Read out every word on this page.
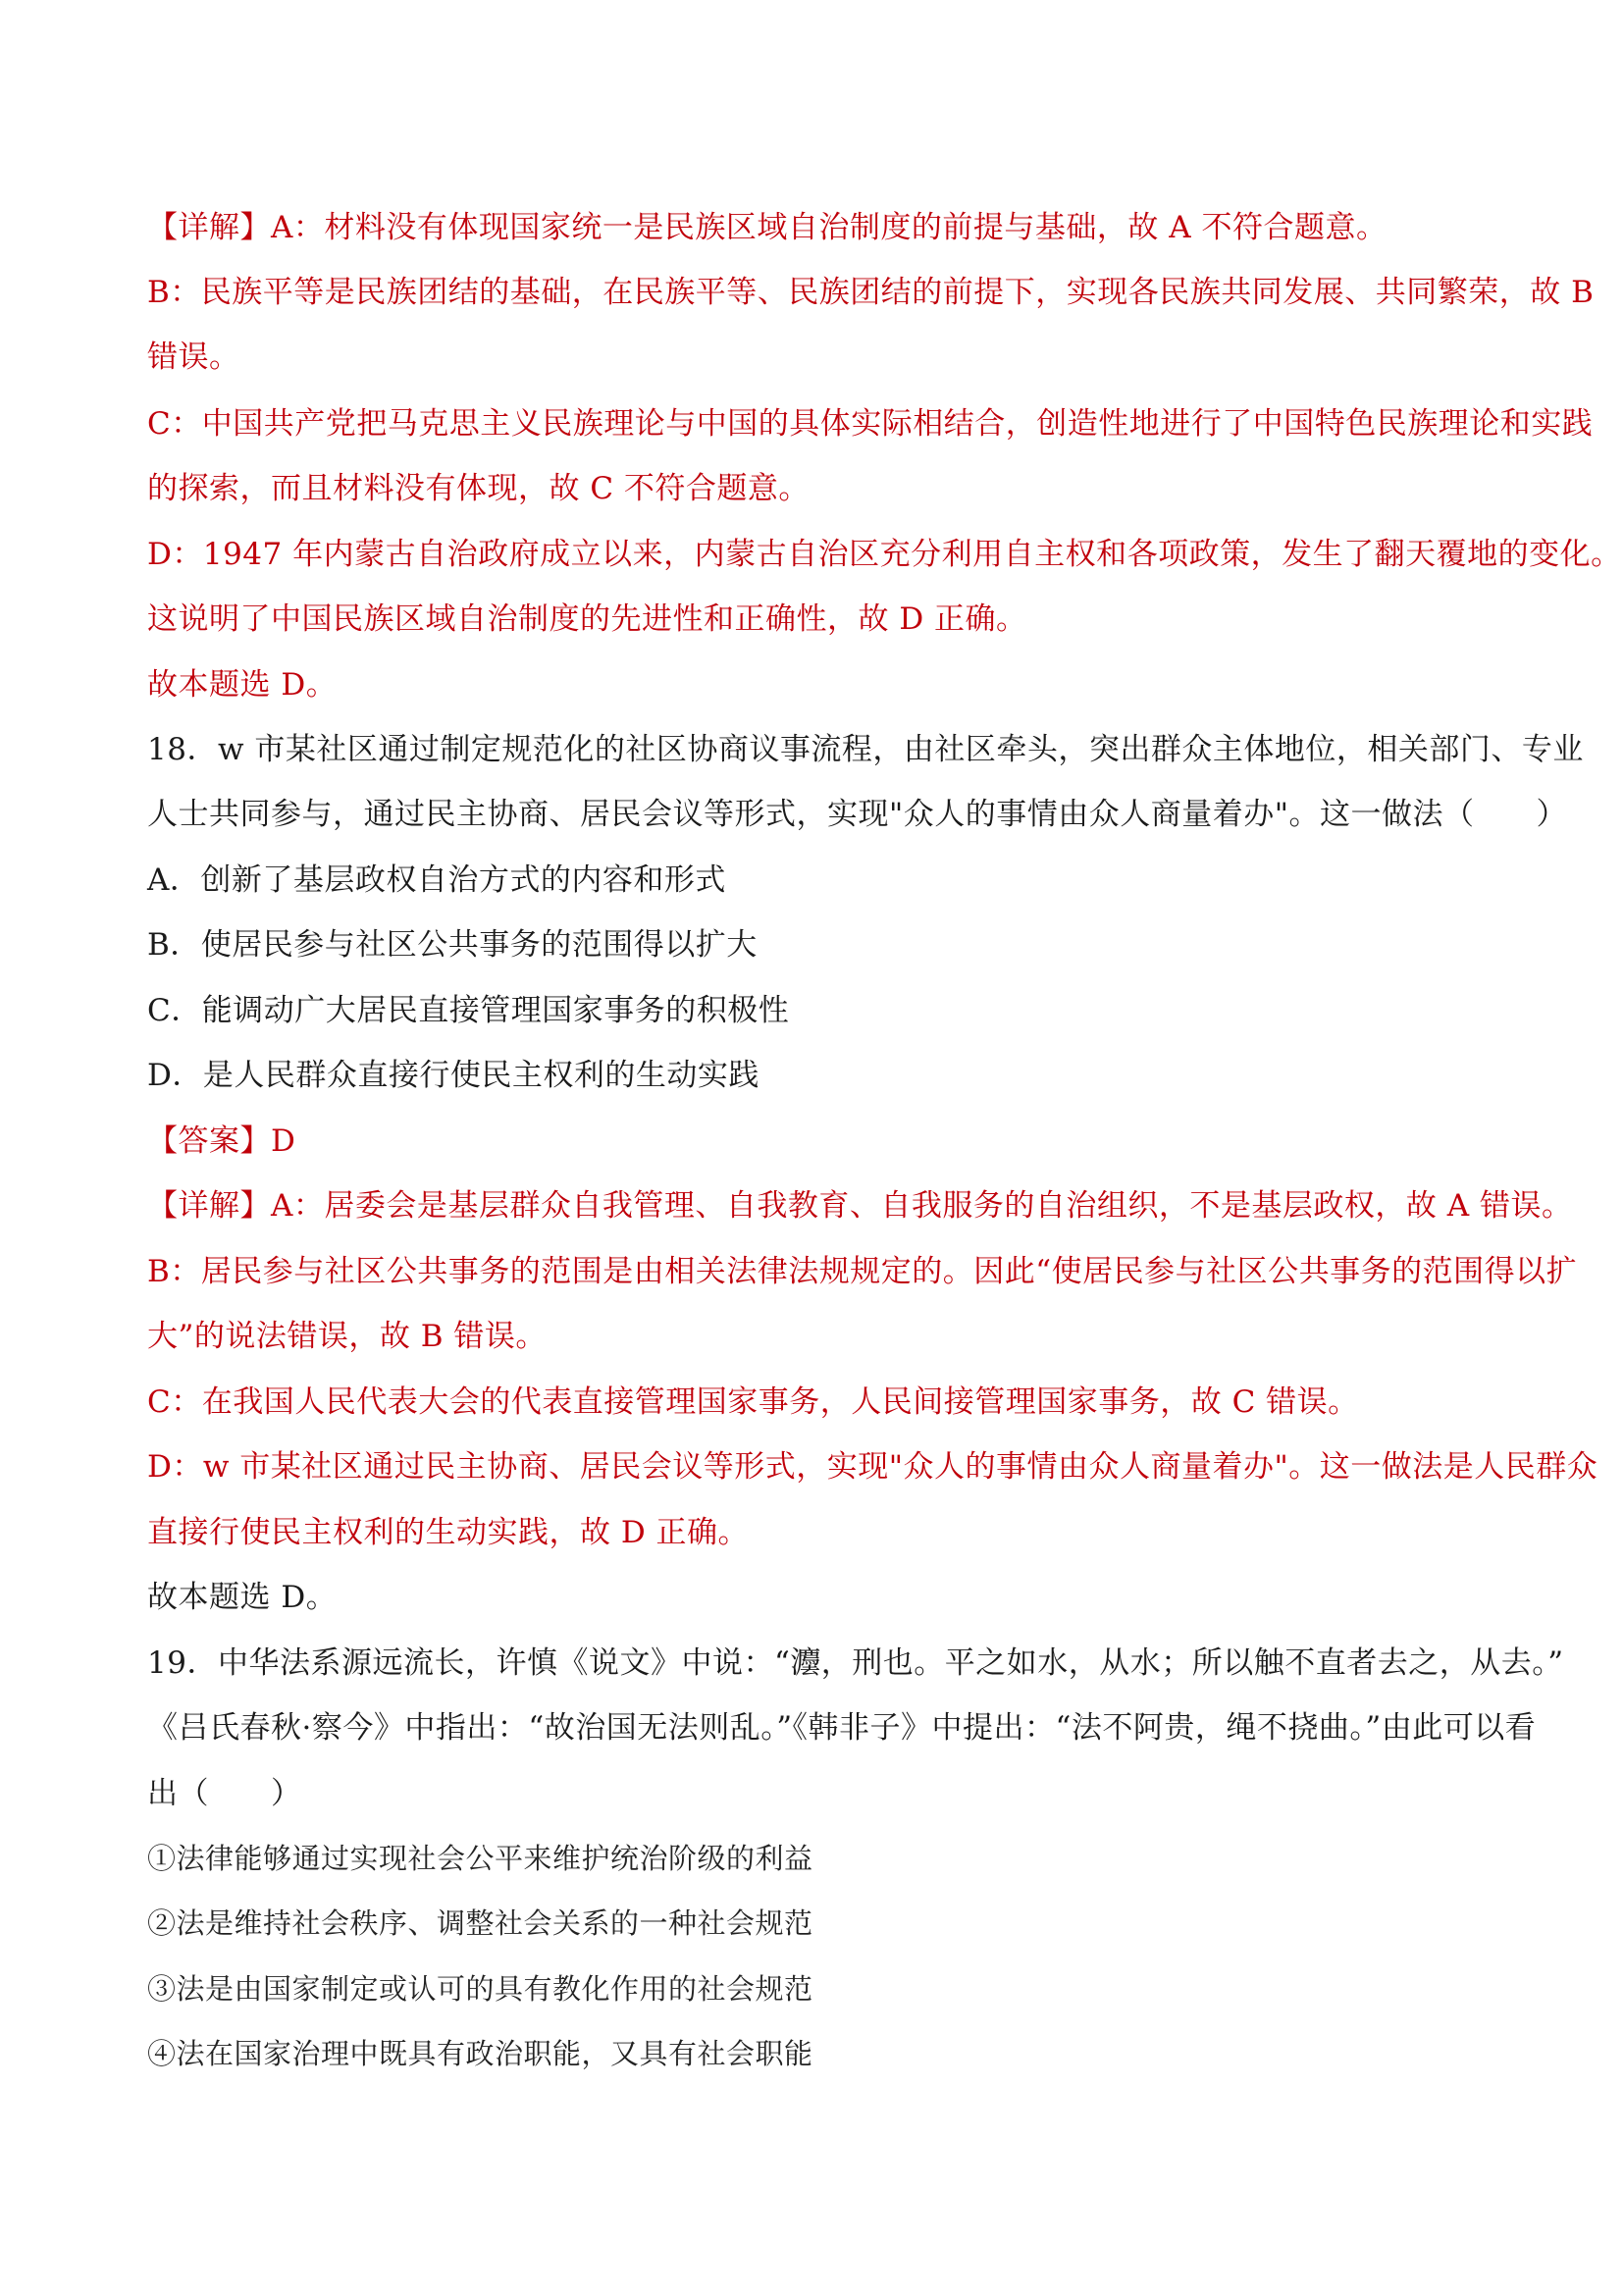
【详解】A：材料没有体现国家统一是民族区域自治制度的前提与基础，故 A 不符合题意。
B：民族平等是民族团结的基础，在民族平等、民族团结的前提下，实现各民族共同发展、共同繁荣，故 B
错误。
C：中国共产党把马克思主义民族理论与中国的具体实际相结合，创造性地进行了中国特色民族理论和实践
的探索，而且材料没有体现，故 C 不符合题意。
D：1947 年内蒙古自治政府成立以来，内蒙古自治区充分利用自主权和各项政策，发生了翻天覆地的变化。
这说明了中国民族区域自治制度的先进性和正确性，故 D 正确。
故本题选 D。
18．w 市某社区通过制定规范化的社区协商议事流程，由社区牵头，突出群众主体地位，相关部门、专业
人士共同参与，通过民主协商、居民会议等形式，实现"众人的事情由众人商量着办"。这一做法（　　）
A．创新了基层政权自治方式的内容和形式
B．使居民参与社区公共事务的范围得以扩大
C．能调动广大居民直接管理国家事务的积极性
D．是人民群众直接行使民主权利的生动实践
【答案】D
【详解】A：居委会是基层群众自我管理、自我教育、自我服务的自治组织，不是基层政权，故 A 错误。
B：居民参与社区公共事务的范围是由相关法律法规规定的。因此“使居民参与社区公共事务的范围得以扩
大”的说法错误，故 B 错误。
C：在我国人民代表大会的代表直接管理国家事务，人民间接管理国家事务，故 C 错误。
D：w 市某社区通过民主协商、居民会议等形式，实现"众人的事情由众人商量着办"。这一做法是人民群众
直接行使民主权利的生动实践，故 D 正确。
故本题选 D。
19．中华法系源远流长，许慎《说文》中说：“灋，刑也。平之如水，从水；所以触不直者去之，从去。”
《吕氏春秋·察今》中指出：“故治国无法则乱。”《韩非子》中提出：“法不阿贵，绳不挠曲。”由此可以看
出（　　）
①法律能够通过实现社会公平来维护统治阶级的利益
②法是维持社会秩序、调整社会关系的一种社会规范
③法是由国家制定或认可的具有教化作用的社会规范
④法在国家治理中既具有政治职能，又具有社会职能
